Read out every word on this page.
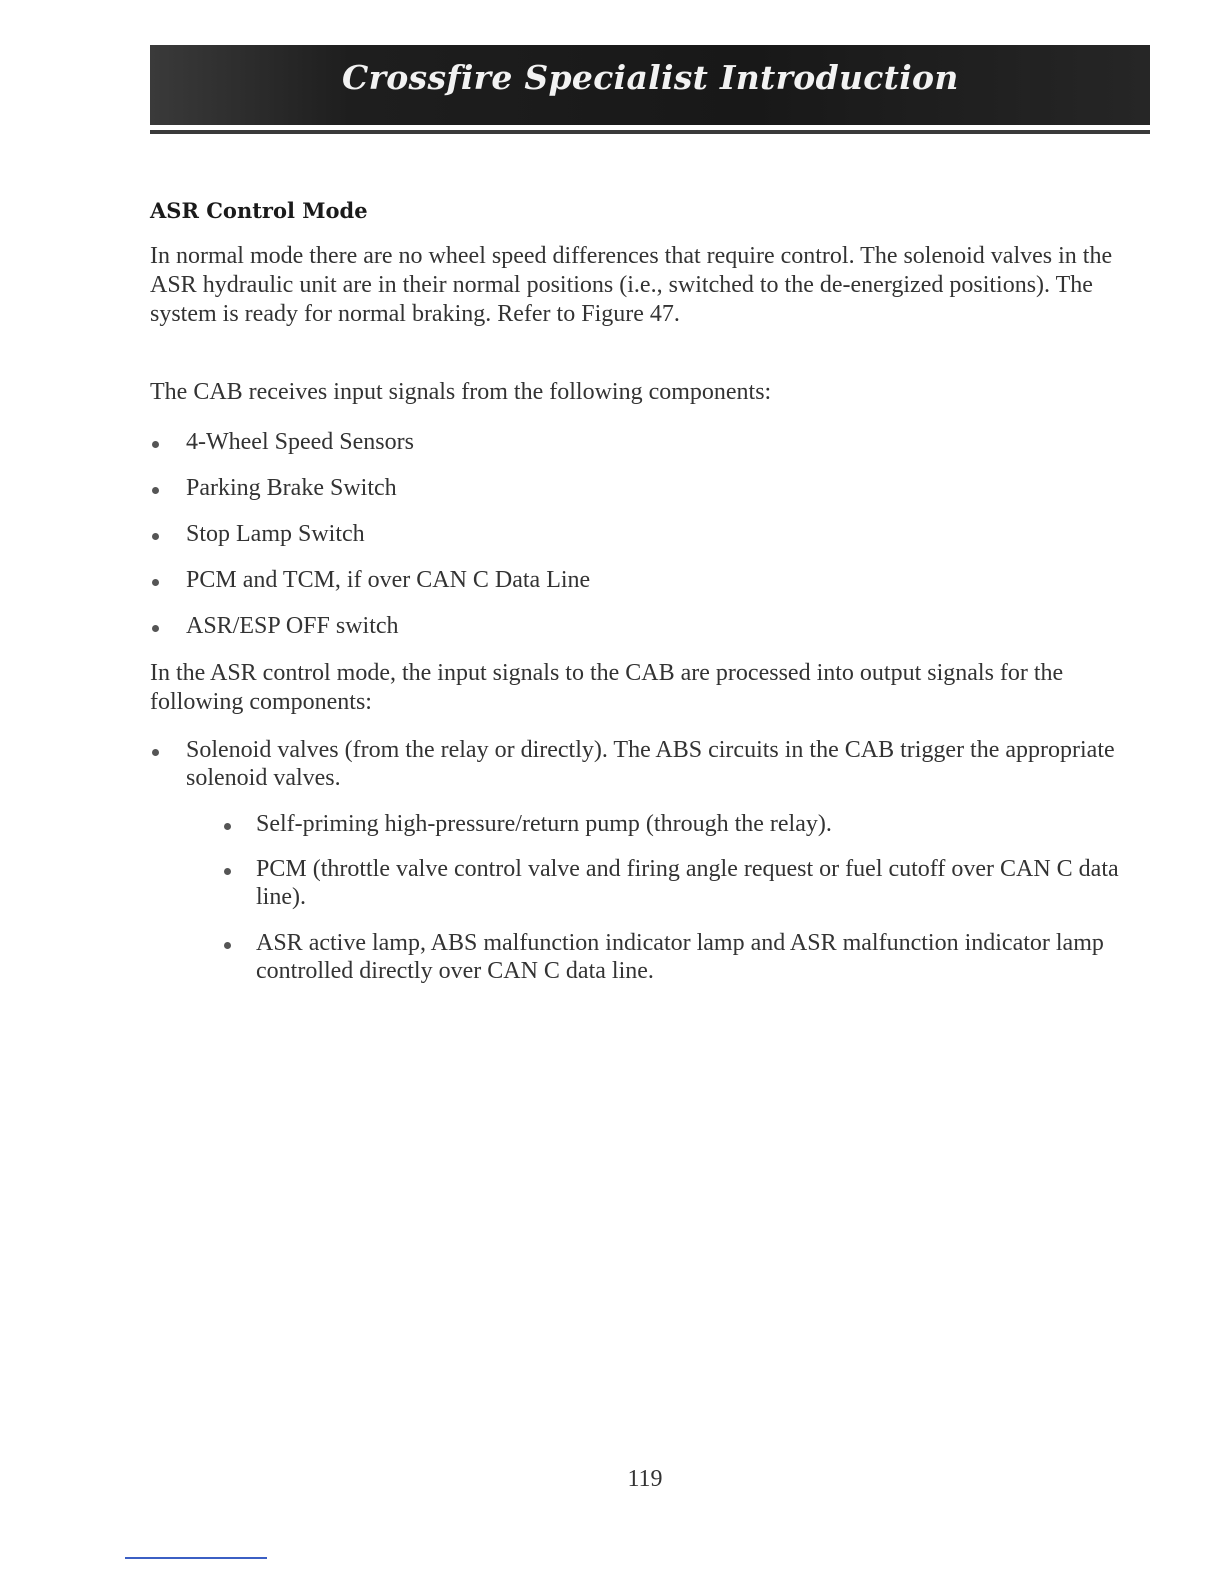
Crossfire Specialist Introduction
ASR Control Mode
In normal mode there are no wheel speed differences that require control. The solenoid valves in the ASR hydraulic unit are in their normal positions (i.e., switched to the de-energized positions). The system is ready for normal braking. Refer to Figure 47.
The CAB receives input signals from the following components:
4-Wheel Speed Sensors
Parking Brake Switch
Stop Lamp Switch
PCM and TCM, if over CAN C Data Line
ASR/ESP OFF switch
In the ASR control mode, the input signals to the CAB are processed into output signals for the following components:
Solenoid valves (from the relay or directly). The ABS circuits in the CAB trigger the appropriate solenoid valves.
Self-priming high-pressure/return pump (through the relay).
PCM (throttle valve control valve and firing angle request or fuel cutoff over CAN C data line).
ASR active lamp, ABS malfunction indicator lamp and ASR malfunction indicator lamp controlled directly over CAN C data line.
119
